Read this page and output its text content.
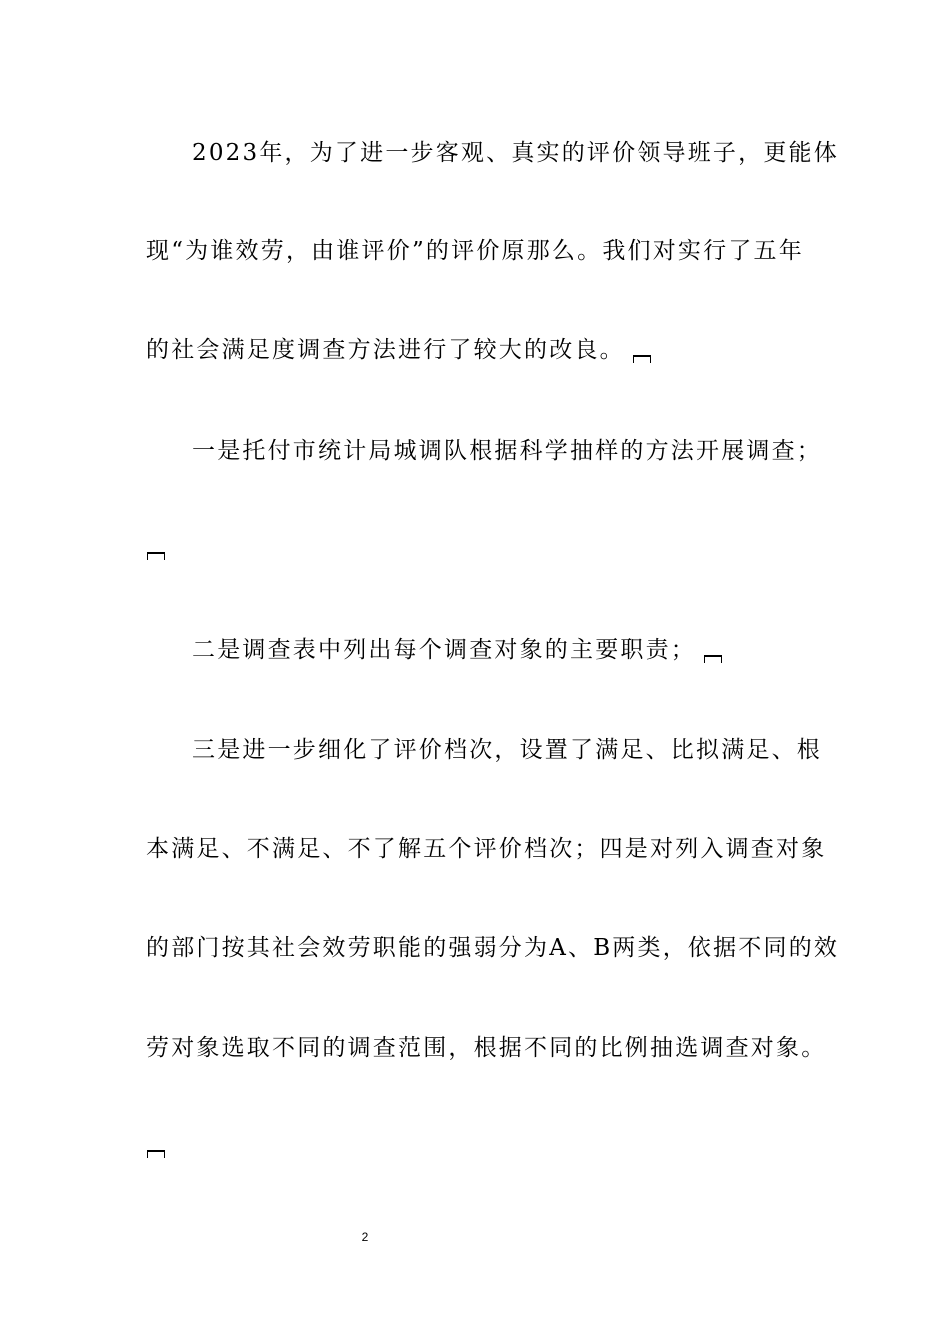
2023年，为了进一步客观、真实的评价领导班子，更能体
现“为谁效劳，由谁评价”的评价原那么。我们对实行了五年
的社会满足度调查方法进行了较大的改良。
一是托付市统计局城调队根据科学抽样的方法开展调查；
二是调查表中列出每个调查对象的主要职责；
三是进一步细化了评价档次，设置了满足、比拟满足、根
本满足、不满足、不了解五个评价档次；四是对列入调查对象
的部门按其社会效劳职能的强弱分为A、B两类，依据不同的效
劳对象选取不同的调查范围，根据不同的比例抽选调查对象。
2
